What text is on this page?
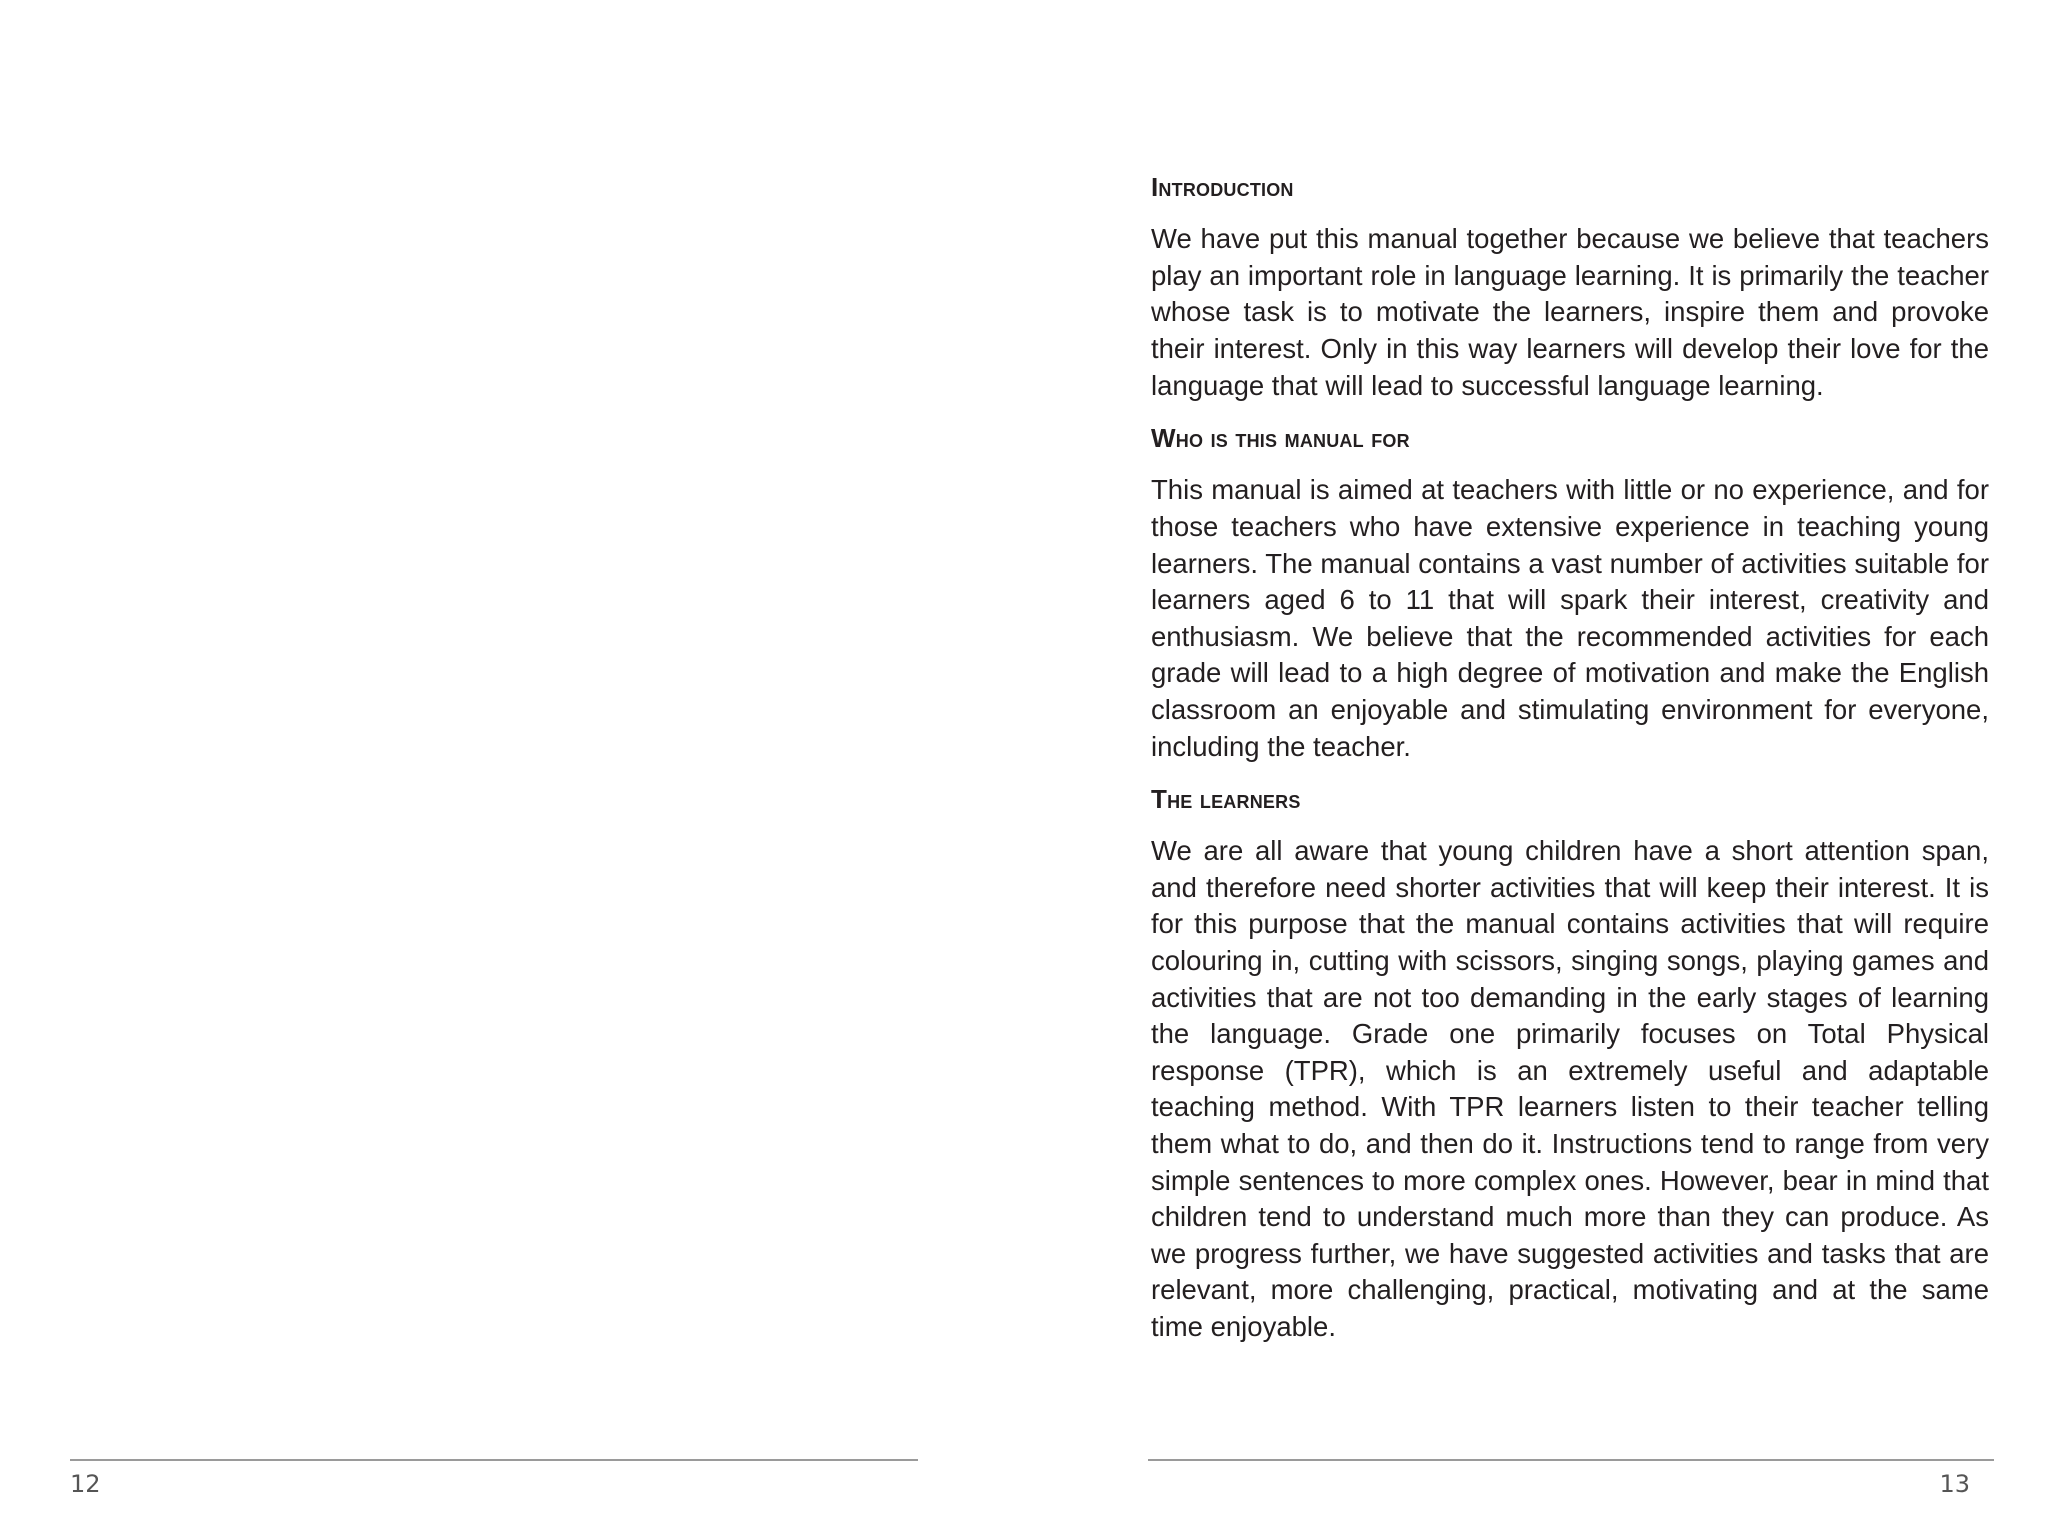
12
Introduction

We have put this manual together because we believe that teachers play an important role in language learning. It is primarily the teacher whose task is to motivate the learners, inspire them and provoke their interest. Only in this way learners will develop their love for the language that will lead to successful language learning.

Who is this manual for

This manual is aimed at teachers with little or no experience, and for those teachers who have extensive experience in teaching young learners. The manual contains a vast number of activities suitable for learners aged 6 to 11 that will spark their interest, creativity and enthusiasm. We believe that the recommended activities for each grade will lead to a high degree of motivation and make the English classroom an enjoyable and stimulating environment for everyone, including the teacher.

The learners

We are all aware that young children have a short attention span, and therefore need shorter activities that will keep their interest. It is for this purpose that the manual contains activities that will require colouring in, cutting with scissors, singing songs, playing games and activities that are not too demanding in the early stages of learning the language. Grade one primarily focuses on Total Physical response (TPR), which is an extremely useful and adaptable teaching method. With TPR learners listen to their teacher telling them what to do, and then do it. Instructions tend to range from very simple sentences to more complex ones. However, bear in mind that children tend to understand much more than they can produce. As we progress further, we have suggested activities and tasks that are relevant, more challenging, practical, motivating and at the same time enjoyable.

13
